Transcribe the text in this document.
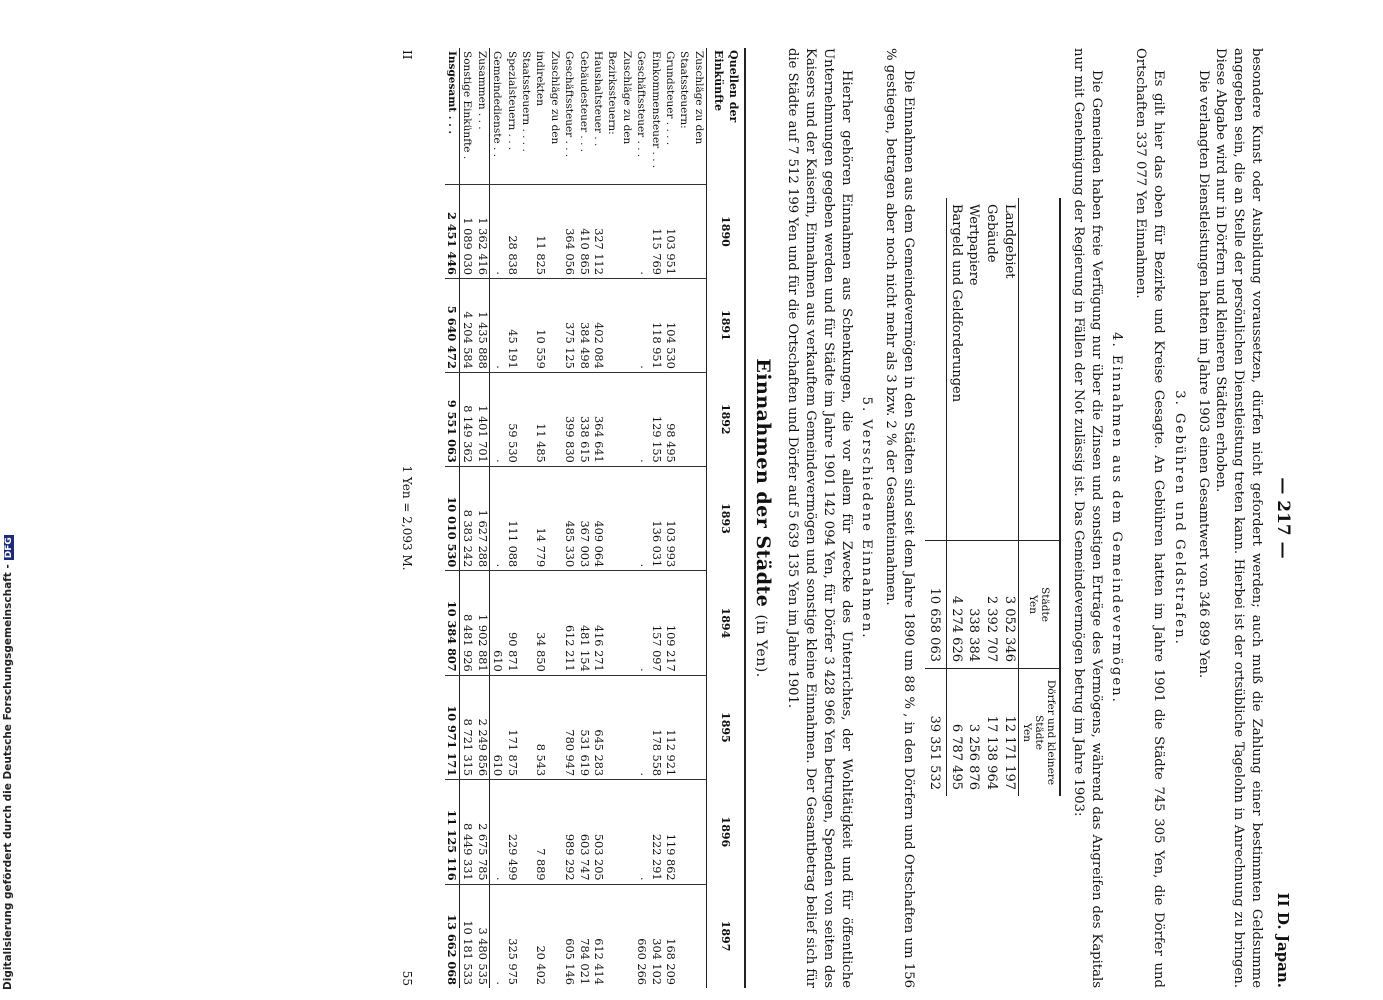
— 217 —
II D. Japan.

besondere Kunst oder Ausbildung voraussetzen, dürfen nicht gefordert werden; auch muß die Zahlung einer bestimmten Geldsumme angegeben sein, die an Stelle der persönlichen Dienstleistung treten kann. Hierbei ist der ortsübliche Tagelohn in Anrechnung zu bringen. Diese Abgabe wird nur in Dörfern und kleineren Städten erhoben.

Die verlangten Dienstleistungen hatten im Jahre 1903 einen Gesamtwert von 346 899 Yen.

3. Gebühren und Geldstrafen.

Es gilt hier das oben für Bezirke und Kreise Gesagte. An Gebühren hatten im Jahre 1901 die Städte 745 305 Yen, die Dörfer und Ortschaften 337 077 Yen Einnahmen.

4. Einnahmen aus dem Gemeindevermögen.

Die Gemeinden haben freie Verfügung nur über die Zinsen und sonstigen Erträge des Vermögens, während das Angreifen des Kapitals nur mit Genehmigung der Regierung in Fällen der Not zulässig ist. Das Gemeindevermögen betrug im Jahre 1903:

	Städte
Yen	Dörfer und kleinere Städte
Yen
Landgebiet	3 052 346	12 171 197
Gebäude	2 392 707	17 138 964
Wertpapiere	338 384	3 256 876
Bargeld und Geldforderungen	4 274 626	6 787 495
	10 658 063	39 351 532

Die Einnahmen aus dem Gemeindevermögen in den Städten sind seit dem Jahre 1890 um 88 % , in den Dörfern und Ortschaften um 156 % gestiegen, betragen aber noch nicht mehr als 3 bzw. 2 % der Gesamteinnahmen.

5. Verschiedene Einnahmen.

Hierher gehören Einnahmen aus Schenkungen, die vor allem für Zwecke des Unterrichtes, der Wohltätigkeit und für öffentliche Unternehmungen gegeben werden und für Städte im Jahre 1901 142 094 Yen, für Dörfer 3 428 966 Yen betrugen, Spenden von seiten des Kaisers und der Kaiserin, Einnahmen aus verkauftem Gemeindevermögen und sonstige kleine Einnahmen. Der Gesamtbetrag belief sich für die Städte auf 7 512 199 Yen und für die Ortschaften und Dörfer auf 5 639 135 Yen im Jahre 1901.

Einnahmen der Städte (in Yen).
Quellen der Einkünfte	1890	1891	1892	1893	1894	1895	1896	1897
Zuschläge zu den Staatssteuern:								
Grundsteuer . . . .	103 951	104 530	98 495	103 993	109 217	112 921	119 862	168 209
Einkommensteuer . . .	115 769	118 951	129 155	136 031	157 097	178 558	222 291	304 102
Geschäftssteuer . . .	·	·	·	·	·	·	·	660 266
Zuschläge zu den Bezirkssteuern:								
Haushaltsteuer . .	327 112	402 084	364 641	409 064	416 271	645 283	503 205	612 414
Gebäudesteuer . . .	410 865	384 498	338 615	367 003	481 154	531 619	603 747	784 021
Geschäftssteuer . . .	364 056	375 125	399 830	485 330	612 211	780 947	989 292	605 146
Zuschläge zu den indirekten Staatssteuern . . . .	11 825	10 559	11 485	14 779	34 850	8 543	7 889	20 402
Spezialsteuern . . .	28 838	45 191	59 530	111 088	90 871	171 875	229 499	325 975
Gemeindedienste . .	·	·	·	·	610	610	·	·
Zusammen . . .	1 362 416	1 435 888	1 401 701	1 627 288	1 902 881	2 249 856	2 675 785	3 480 535
Sonstige Einkünfte .	1 089 030	4 204 584	8 149 362	8 383 242	8 481 926	8 721 315	8 449 331	10 181 533
Insgesamt . . .	2 451 446	5 640 472	9 551 063	10 010 530	10 384 807	10 971 171	11 125 116	13 662 068
II
1 Yen = 2,093 M.
55
Digitalisierung gefördert durch die Deutsche Forschungsgemeinschaft -DFG
